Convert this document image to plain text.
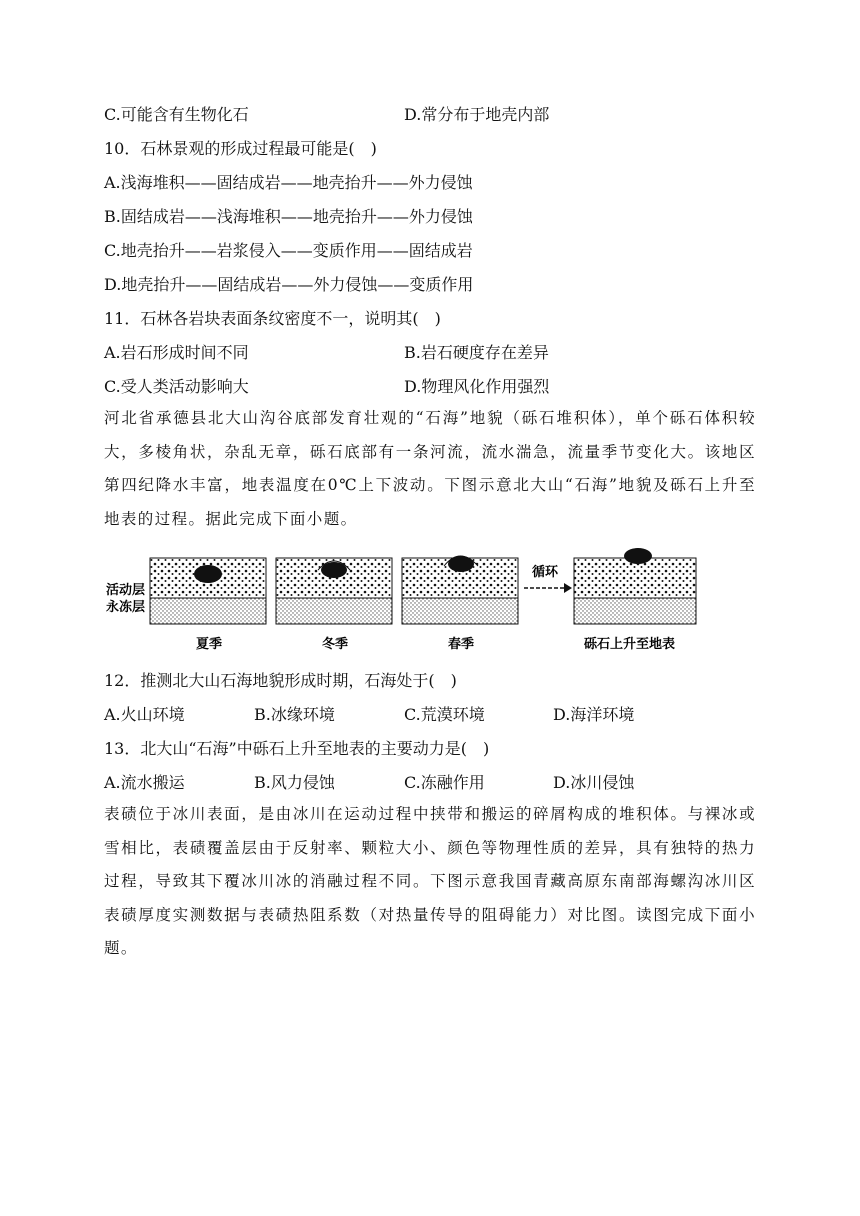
C.可能含有生物化石	D.常分布于地壳内部
10．石林景观的形成过程最可能是(　)
A.浅海堆积——固结成岩——地壳抬升——外力侵蚀
B.固结成岩——浅海堆积——地壳抬升——外力侵蚀
C.地壳抬升——岩浆侵入——变质作用——固结成岩
D.地壳抬升——固结成岩——外力侵蚀——变质作用
11．石林各岩块表面条纹密度不一，说明其(　)
A.岩石形成时间不同	B.岩石硬度存在差异
C.受人类活动影响大	D.物理风化作用强烈
河北省承德县北大山沟谷底部发育壮观的“石海”地貌（砾石堆积体），单个砾石体积较大，多棱角状，杂乱无章，砾石底部有一条河流，流水湍急，流量季节变化大。该地区第四纪降水丰富，地表温度在0℃上下波动。下图示意北大山“石海”地貌及砾石上升至地表的过程。据此完成下面小题。
活动层
永冻层
循环
夏季	冬季	春季	砾石上升至地表
12．推测北大山石海地貌形成时期，石海处于(　)
A.火山环境	B.冰缘环境	C.荒漠环境	D.海洋环境
13．北大山“石海”中砾石上升至地表的主要动力是(　)
A.流水搬运	B.风力侵蚀	C.冻融作用	D.冰川侵蚀
表碛位于冰川表面，是由冰川在运动过程中挟带和搬运的碎屑构成的堆积体。与裸冰或雪相比，表碛覆盖层由于反射率、颗粒大小、颜色等物理性质的差异，具有独特的热力过程，导致其下覆冰川冰的消融过程不同。下图示意我国青藏高原东南部海螺沟冰川区表碛厚度实测数据与表碛热阻系数（对热量传导的阻碍能力）对比图。读图完成下面小题。
